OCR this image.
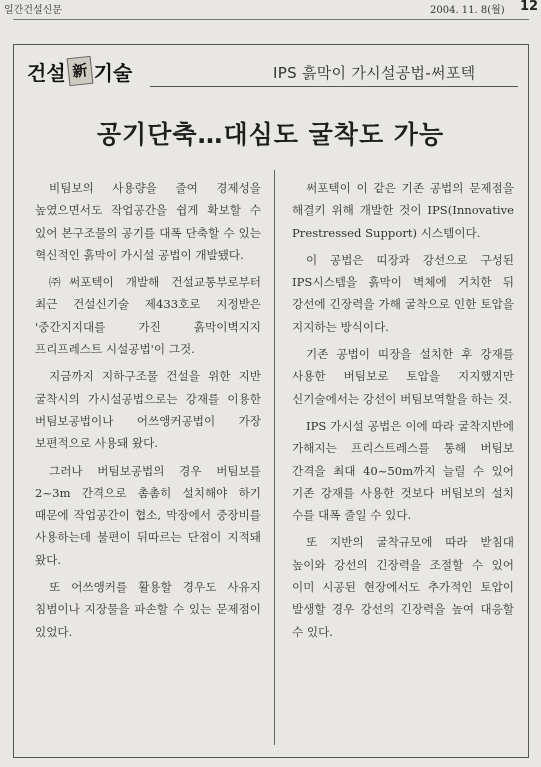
일간건설신문	2004. 11. 8(월) 12
건설 新 기술	IPS 흙막이 가시설공법-써포텍
공기단축…대심도 굴착도 가능

비팀보의 사용량을 줄여 경제성을 높였으면서도 작업공간을 쉽게 확보할 수 있어 본구조물의 공기를 대폭 단축할 수 있는 혁신적인 흙막이 가시설 공법이 개발됐다.

㈜써포텍이 개발해 건설교통부로부터 최근 건설신기술 제433호로 지정받은 '중간지지대를 가진 흙막이벽지지 프리프레스트 시설공법'이 그것.

지금까지 지하구조물 건설을 위한 지반 굴착시의 가시설공법으로는 강재를 이용한 버팀보공법이나 어쓰앵커공법이 가장 보편적으로 사용돼 왔다.

그러나 버팀보공법의 경우 버팀보를 2~3m 간격으로 촘촘히 설치해야 하기 때문에 작업공간이 협소, 막장에서 중장비를 사용하는데 불편이 뒤따르는 단점이 지적돼 왔다.

또 어쓰앵커를 활용할 경우도 사유지 침범이나 지장물을 파손할 수 있는 문제점이 있었다.

써포텍이 이 같은 기존 공법의 문제점을 해결키 위해 개발한 것이 IPS(Innovative Prestressed Support) 시스템이다.

이 공법은 띠장과 강선으로 구성된 IPS시스템을 흙막이 벽체에 거치한 뒤 강선에 긴장력을 가해 굴착으로 인한 토압을 지지하는 방식이다.

기존 공법이 띠장을 설치한 후 강재를 사용한 버팀보로 토압을 지지했지만 신기술에서는 강선이 버팀보역할을 하는 것.

IPS 가시설 공법은 이에 따라 굴착지반에 가해지는 프리스트레스를 통해 버팀보 간격을 최대 40~50m까지 늘릴 수 있어 기존 강재를 사용한 것보다 버팀보의 설치 수를 대폭 줄일 수 있다.

또 지반의 굴착규모에 따라 받침대 높이와 강선의 긴장력을 조절할 수 있어 이미 시공된 현장에서도 추가적인 토압이 발생할 경우 강선의 긴장력을 높여 대응할 수 있다.
